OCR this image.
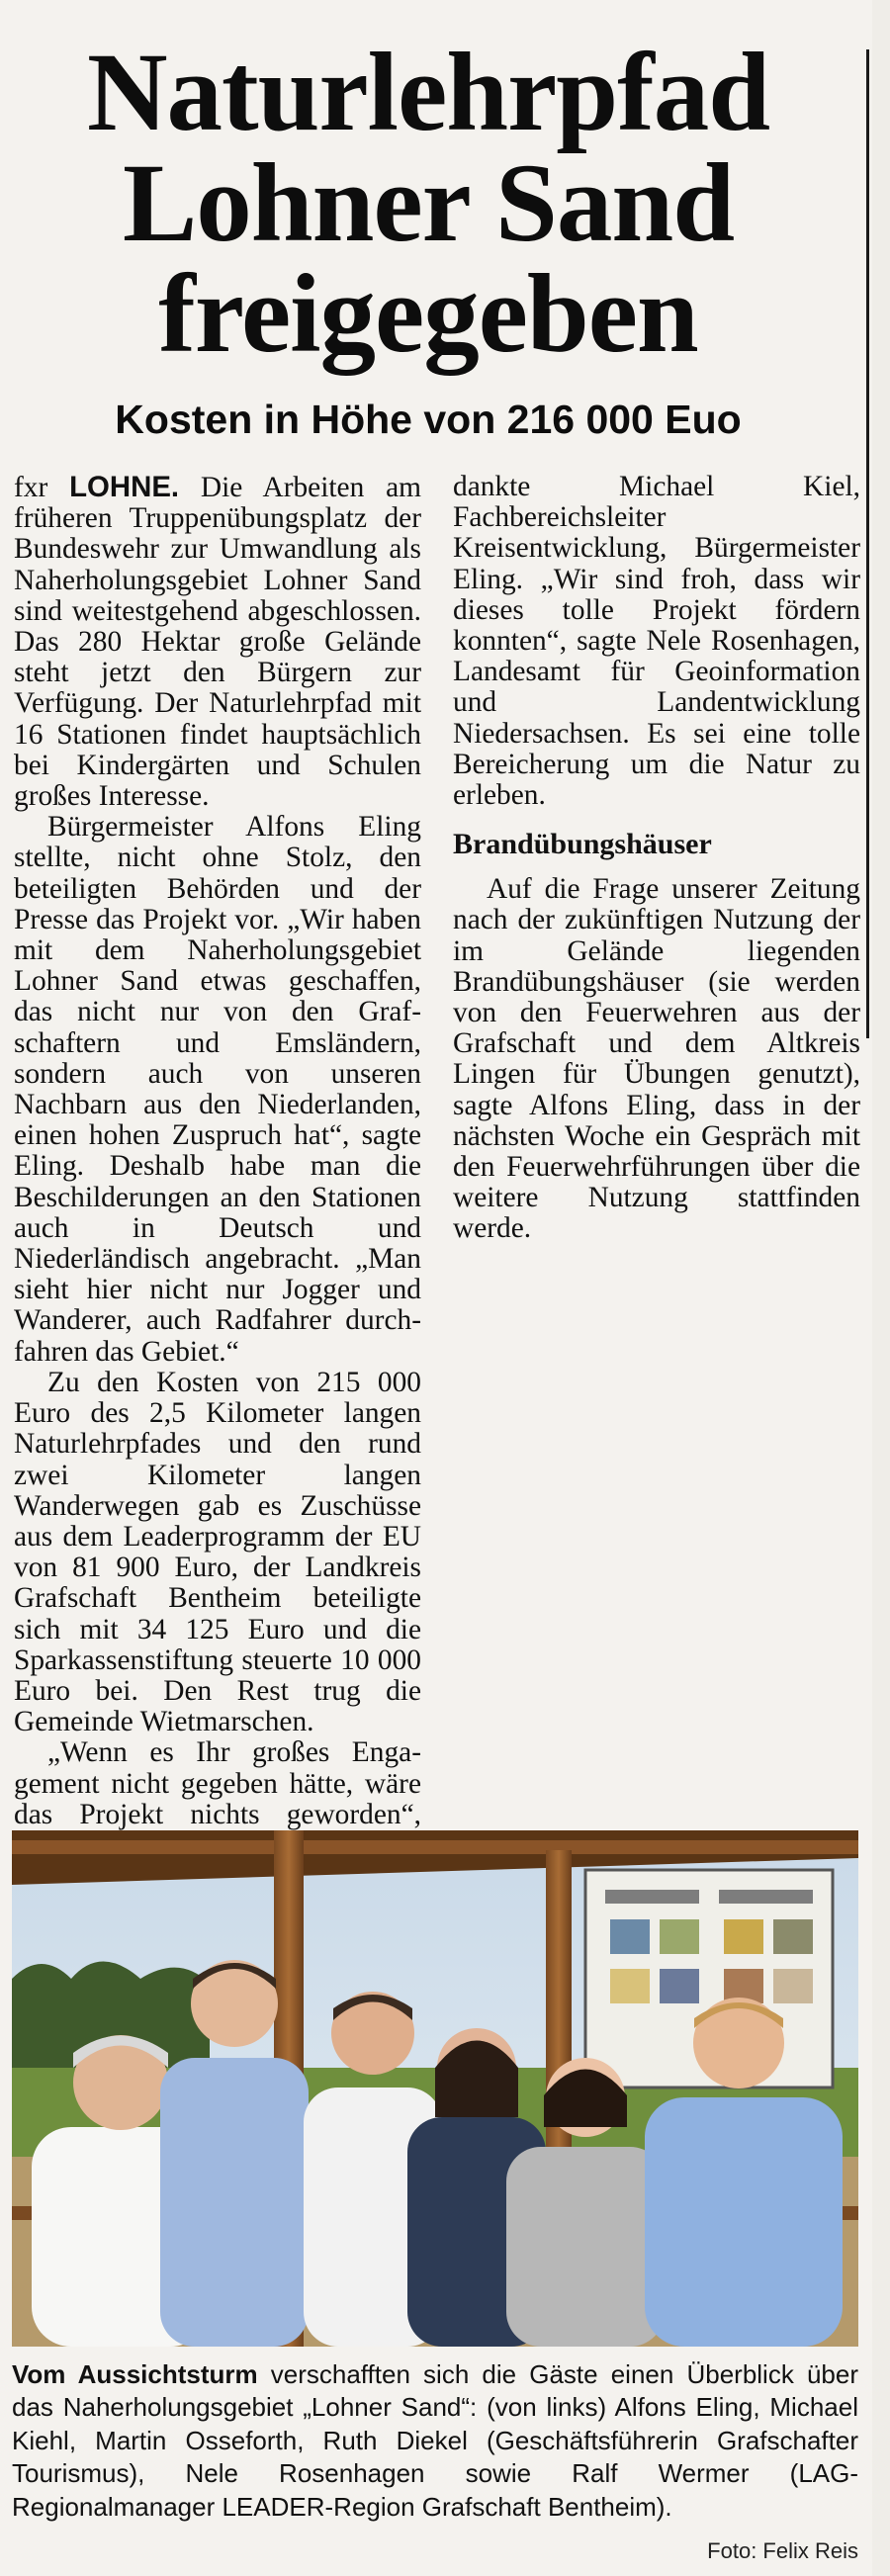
Naturlehrpfad Lohner Sand freigegeben
Kosten in Höhe von 216 000 Euo

fxr LOHNE. Die Arbeiten am früheren Truppenübungsplatz der Bundeswehr zur Umwandlung als Naherholungsgebiet Lohner Sand sind weitestgehend abgeschlossen. Das 280 Hektar große Gelände steht jetzt den Bürgern zur Verfügung. Der Naturlehrpfad mit 16 Stationen findet hauptsächlich bei Kindergärten und Schulen großes Interesse.

Bürgermeister Alfons Eling stellte, nicht ohne Stolz, den beteiligten Behörden und der Presse das Projekt vor. „Wir haben mit dem Naherholungsgebiet Lohner Sand etwas geschaffen, das nicht nur von den Grafschaftern und Emsländern, sondern auch von unseren Nachbarn aus den Niederlanden, einen hohen Zuspruch hat“, sagte Eling. Deshalb habe man die Beschilderungen an den Stationen auch in Deutsch und Niederländisch angebracht. „Man sieht hier nicht nur Jogger und Wanderer, auch Radfahrer durchfahren das Gebiet.“

Zu den Kosten von 215 000 Euro des 2,5 Kilometer langen Naturlehrpfades und den rund zwei Kilometer langen Wanderwegen gab es Zuschüsse aus dem Leaderprogramm der EU von 81 900 Euro, der Landkreis Grafschaft Bentheim beteiligte sich mit 34 125 Euro und die Sparkassenstiftung steuerte 10 000 Euro bei. Den Rest trug die Gemeinde Wietmarschen.

„Wenn es Ihr großes Engagement nicht gegeben hätte, wäre das Projekt nichts geworden“, dankte Michael Kiel, Fachbereichsleiter Kreisentwicklung, Bürgermeister Eling. „Wir sind froh, dass wir dieses tolle Projekt fördern konnten“, sagte Nele Rosenhagen, Landesamt für Geoinformation und Landentwicklung Niedersachsen. Es sei eine tolle Bereicherung um die Natur zu erleben.

Brandübungshäuser

Auf die Frage unserer Zeitung nach der zukünftigen Nutzung der im Gelände liegenden Brandübungshäuser (sie werden von den Feuerwehren aus der Grafschaft und dem Altkreis Lingen für Übungen genutzt), sagte Alfons Eling, dass in der nächsten Woche ein Gespräch mit den Feuerwehrführungen über die weitere Nutzung stattfinden werde.

Vom Aussichtsturm verschafften sich die Gäste einen Überblick über das Naherholungsgebiet „Lohner Sand“: (von links) Alfons Eling, Michael Kiehl, Martin Osseforth, Ruth Diekel (Geschäftsführerin Grafschafter Tourismus), Nele Rosenhagen sowie Ralf Wermer (LAG-Regionalmanager LEADER-Region Grafschaft Bentheim).

Foto: Felix Reis
